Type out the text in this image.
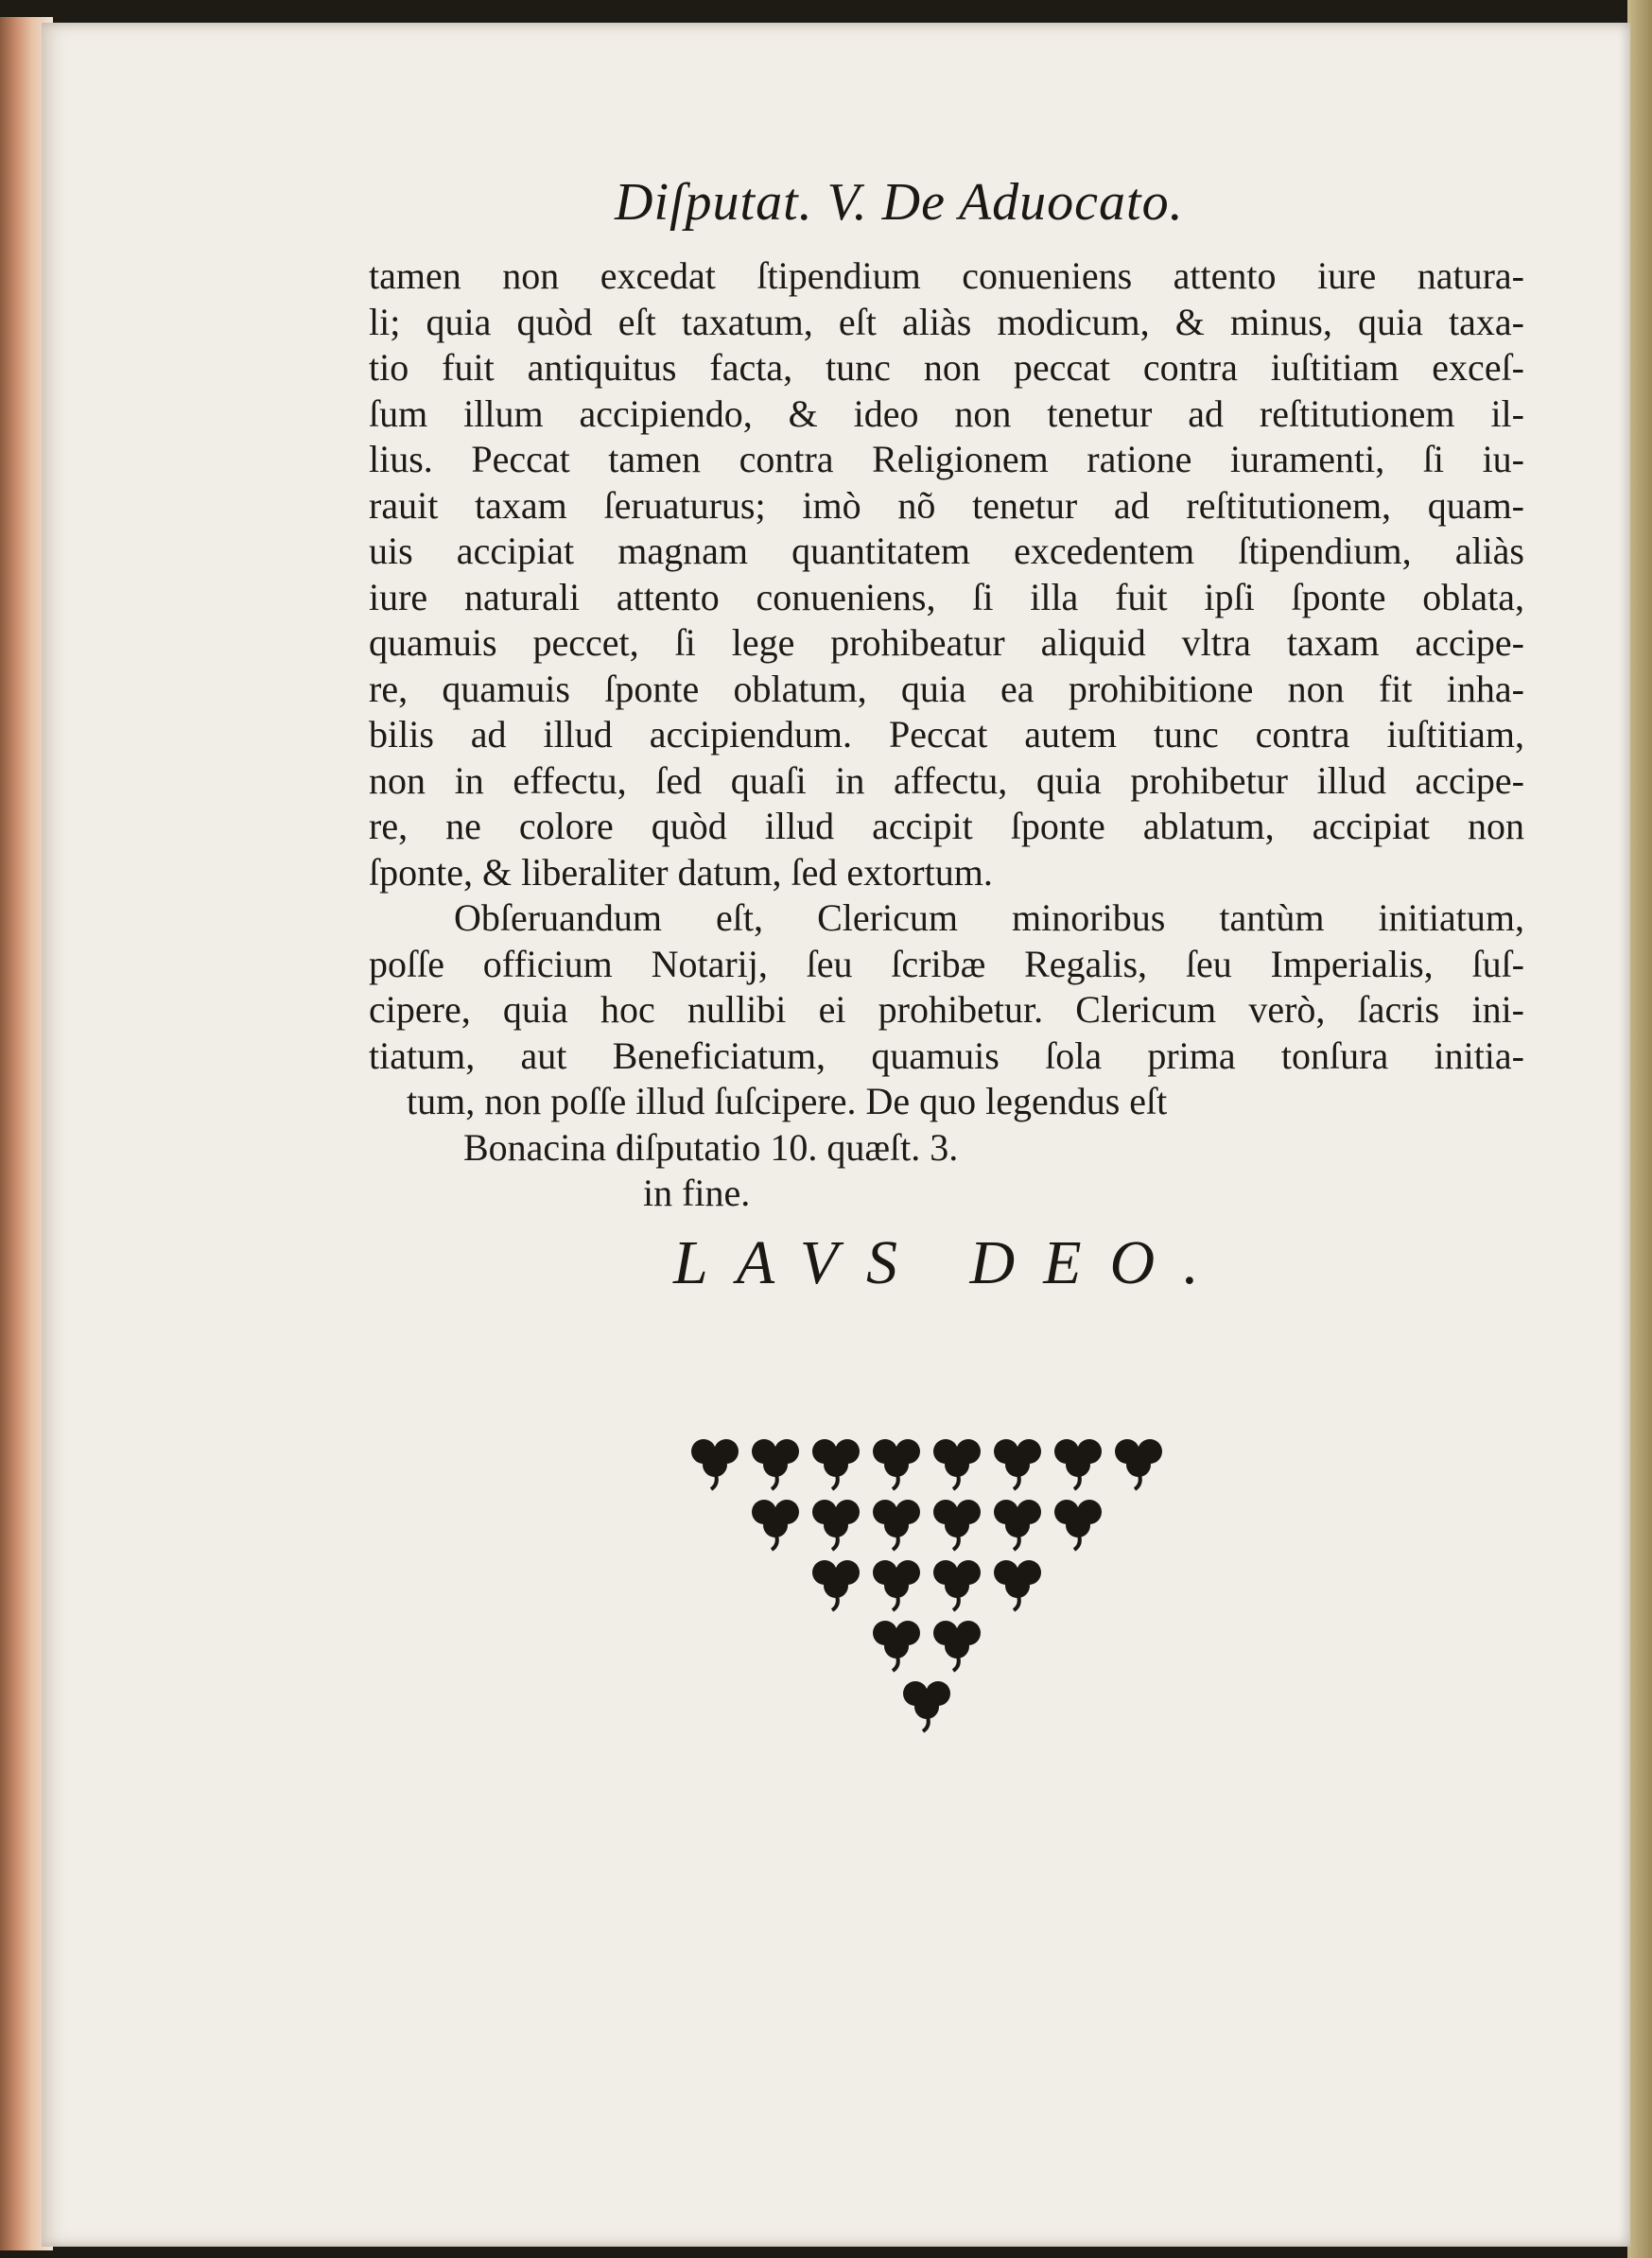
Diſputat. V. De Aduocato.

tamen non excedat ſtipendium conueniens attento iure natura-
li; quia quòd eſt taxatum, eſt aliàs modicum, & minus, quia taxa-
tio fuit antiquitus facta, tunc non peccat contra iuſtitiam exceſ-
ſum illum accipiendo, & ideo non tenetur ad reſtitutionem il-
lius. Peccat tamen contra Religionem ratione iuramenti, ſi iu-
rauit taxam ſeruaturus; imò nõ tenetur ad reſtitutionem, quam-
uis accipiat magnam quantitatem excedentem ſtipendium, aliàs
iure naturali attento conueniens, ſi illa fuit ipſi ſponte oblata,
quamuis peccet, ſi lege prohibeatur aliquid vltra taxam accipe-
re, quamuis ſponte oblatum, quia ea prohibitione non fit inha-
bilis ad illud accipiendum. Peccat autem tunc contra iuſtitiam,
non in effectu, ſed quaſi in affectu, quia prohibetur illud accipe-
re, ne colore quòd illud accipit ſponte ablatum, accipiat non
ſponte, & liberaliter datum, ſed extortum.

Obſeruandum eſt, Clericum minoribus tantùm initiatum,
poſſe officium Notarij, ſeu ſcribæ Regalis, ſeu Imperialis, ſuſ-
cipere, quia hoc nullibi ei prohibetur. Clericum verò, ſacris ini-
tiatum, aut Beneficiatum, quamuis ſola prima tonſura initia-
tum, non poſſe illud ſuſcipere. De quo legendus eſt
Bonacina diſputatio 10. quæſt. 3.
in fine.

LAVS DEO.
